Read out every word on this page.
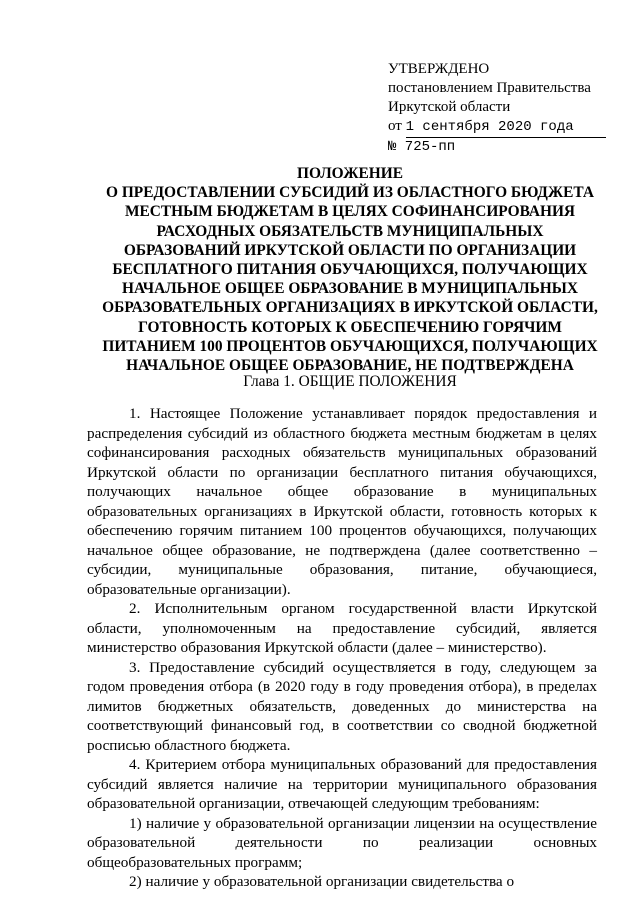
УТВЕРЖДЕНО
постановлением Правительства
Иркутской области
от 1 сентября 2020 года
№ 725-пп
ПОЛОЖЕНИЕ
О ПРЕДОСТАВЛЕНИИ СУБСИДИЙ ИЗ ОБЛАСТНОГО БЮДЖЕТА
МЕСТНЫМ БЮДЖЕТАМ В ЦЕЛЯХ СОФИНАНСИРОВАНИЯ
РАСХОДНЫХ ОБЯЗАТЕЛЬСТВ МУНИЦИПАЛЬНЫХ
ОБРАЗОВАНИЙ ИРКУТСКОЙ ОБЛАСТИ ПО ОРГАНИЗАЦИИ
БЕСПЛАТНОГО ПИТАНИЯ ОБУЧАЮЩИХСЯ, ПОЛУЧАЮЩИХ
НАЧАЛЬНОЕ ОБЩЕЕ ОБРАЗОВАНИЕ В МУНИЦИПАЛЬНЫХ
ОБРАЗОВАТЕЛЬНЫХ ОРГАНИЗАЦИЯХ В ИРКУТСКОЙ ОБЛАСТИ,
ГОТОВНОСТЬ КОТОРЫХ К ОБЕСПЕЧЕНИЮ ГОРЯЧИМ
ПИТАНИЕМ 100 ПРОЦЕНТОВ ОБУЧАЮЩИХСЯ, ПОЛУЧАЮЩИХ
НАЧАЛЬНОЕ ОБЩЕЕ ОБРАЗОВАНИЕ, НЕ ПОДТВЕРЖДЕНА
Глава 1. ОБЩИЕ ПОЛОЖЕНИЯ

1. Настоящее Положение устанавливает порядок предоставления и распределения субсидий из областного бюджета местным бюджетам в целях софинансирования расходных обязательств муниципальных образований Иркутской области по организации бесплатного питания обучающихся, получающих начальное общее образование в муниципальных образовательных организациях в Иркутской области, готовность которых к обеспечению горячим питанием 100 процентов обучающихся, получающих начальное общее образование, не подтверждена (далее соответственно – субсидии, муниципальные образования, питание, обучающиеся, образовательные организации).

2. Исполнительным органом государственной власти Иркутской области, уполномоченным на предоставление субсидий, является министерство образования Иркутской области (далее – министерство).

3. Предоставление субсидий осуществляется в году, следующем за годом проведения отбора (в 2020 году в году проведения отбора), в пределах лимитов бюджетных обязательств, доведенных до министерства на соответствующий финансовый год, в соответствии со сводной бюджетной росписью областного бюджета.

4. Критерием отбора муниципальных образований для предоставления субсидий является наличие на территории муниципального образования образовательной организации, отвечающей следующим требованиям:

1) наличие у образовательной организации лицензии на осуществление образовательной деятельности по реализации основных общеобразовательных программ;

2) наличие у образовательной организации свидетельства о
